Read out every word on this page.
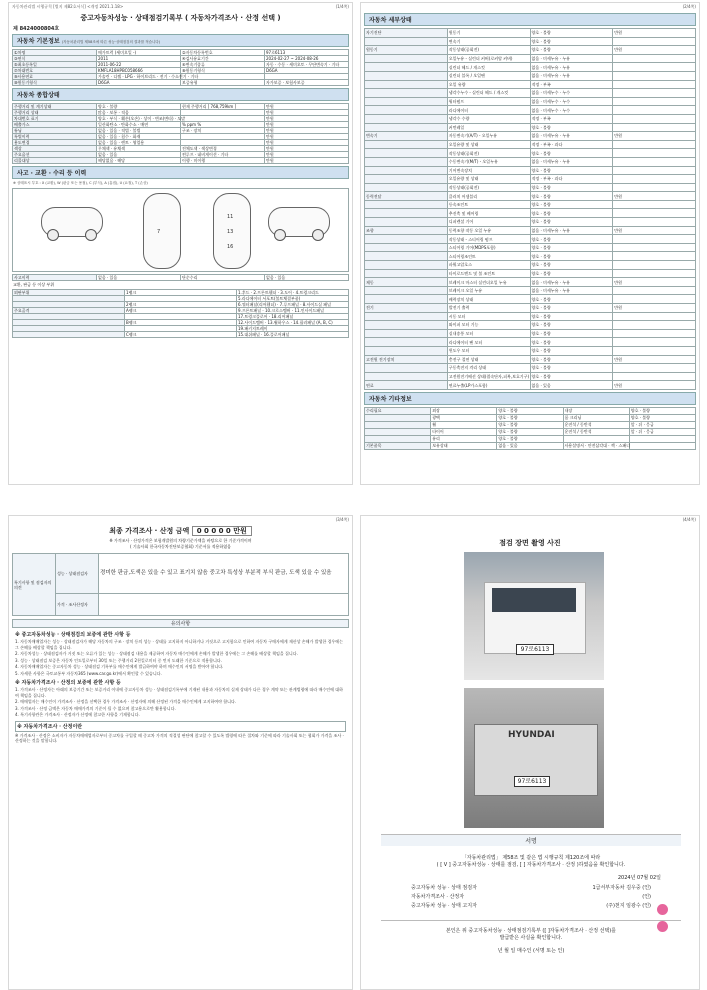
자동차관리법 시행규칙 [별지 제82호서식] <개정 2021.1.18>	(1/4쪽)
중고자동차성능 · 상태점검기록부 ( 자동차가격조사 · 산정 선택 )
제 8424000804호
자동차 기본정보 (자동차관리법 제58조에 따른 성능·상태점검의 결과를 적습니다)
①차명	메가트럭 (세미오일 -)	②자동차등록번호	97로6113
③연식	2011	④검사유효기간	2024-02-27 ~ 2024-08-26
⑤최초등록일	2011-06-22	⑥변속기종류	자동 · 수동 · 세미오토 · 무단변속기 · 기타
⑦차대번호	KMFLA18HPBC058666	⑧원동기형식	D6GA
⑨사용연료	가솔린 · 디젤 · LPG · 하이브리드 · 전기 · 수소전기 · 기타		
⑩원동기형식	D6GA	보증유형	자가보증 · 보험사보증
자동차 종합상태
주행거리 및 계기상태	양호 · 불량	현재 주행거리 [ 768,759km ]	만원
주행거리 상태	많음 · 보통 · 적음		만원
차대번호 표기	양호 · 부식 · 훼손(오손) · 상이 · 변조(변타) · 도말		만원
배출가스	일산화탄소 · 탄화수소 · 매연	% ppm %	만원
튜닝	없음 · 있음 · 적법 · 불법	구조 · 장치	만원
특별이력	없음 · 있음 · 침수 · 화재		만원
용도변경	없음 · 있음 · 렌트 · 영업용		만원
색상	무채색 · 유채색	전체도색 · 색상변경	만원
주요옵션	없음 · 있음	썬루프 · 네비게이션 · 기타	만원
리콜대상	해당없음 · 해당	이행 · 미이행	만원
사고 · 교환 · 수리 등 이력
※ 상태표시 부호 : X (교환), W (판금 또는 용접), C (부식), A (흠집), U (요철), T (손상)
7
11
13
16
사고이력	없음 · 있음	단순수리	없음 · 있음
교환, 판금 등 이상 부위
외판부위	1랭크	1.후드 · 2.프론트휀더 · 3.도어 · 4.트렁크리드
		5.라디에이터 서포트(볼트체결부품)
	2랭크	6.쿼터패널(리어휀더) · 7.루프패널 · 8.사이드실 패널
주요골격	A랭크	9.프론트패널 · 10.크로스멤버 · 11.인사이드패널
		17.트렁크플로어 · 18.리어패널
	B랭크	12.사이드멤버 · 13.휠하우스 · 14.필러패널 (A, B, C)
		19.패키지트레이
	C랭크	15.대쉬패널 · 16.플로어패널
(2/4쪽)
자동차 세부상태
자기진단	원동기	양호 · 불량	만원
	변속기	양호 · 불량	
원동기	작동상태(공회전)	양호 · 불량	만원
	오일누유 - 실린더 커버(로커암 커버)	없음 · 미세누유 · 누유	
	실린더 헤드 / 개스킷	없음 · 미세누유 · 누유	
	실린더 블록 / 오일팬	없음 · 미세누유 · 누유	
	오일 유량	적정 · 부족	
	냉각수누수 - 실린더 헤드 / 개스킷	없음 · 미세누수 · 누수	
	워터펌프	없음 · 미세누수 · 누수	
	라디에이터	없음 · 미세누수 · 누수	
	냉각수 수량	적정 · 부족	
	커먼레일	양호 · 불량	
변속기	자동변속기(A/T) - 오일누유	없음 · 미세누유 · 누유	만원
	오일유량 및 상태	적정 · 부족 · 과다	
	작동상태(공회전)	양호 · 불량	
	수동변속기(M/T) - 오일누유	없음 · 미세누유 · 누유	
	기어변속장치	양호 · 불량	
	오일유량 및 상태	적정 · 부족 · 과다	
	작동상태(공회전)	양호 · 불량	
동력전달	클러치 어셈블리	양호 · 불량	만원
	등속조인트	양호 · 불량	
	추진축 및 베어링	양호 · 불량	
	디퍼렌셜 기어	양호 · 불량	
조향	동력조향 작동 오일 누유	없음 · 미세누유 · 누유	만원
	작동상태 - 스티어링 펌프	양호 · 불량	
	스티어링 기어(MDPS포함)	양호 · 불량	
	스티어링조인트	양호 · 불량	
	파워고압호스	양호 · 불량	
	타이로드엔드 및 볼 조인트	양호 · 불량	
제동	브레이크 마스터 실린더오일 누유	없음 · 미세누유 · 누유	만원
	브레이크 오일 누유	없음 · 미세누유 · 누유	
	배력장치 상태	양호 · 불량	
전기	발전기 출력	양호 · 불량	만원
	시동 모터	양호 · 불량	
	와이퍼 모터 기능	양호 · 불량	
	실내송풍 모터	양호 · 불량	
	라디에이터 팬 모터	양호 · 불량	
	윈도우 모터	양호 · 불량	
고전원 전기장치	충전구 절연 상태	양호 · 불량	만원
	구동축전지 격리 상태	양호 · 불량	
	고전원전기배선 상태(접속단자,피복,보호기구)	양호 · 불량	
연료	연료누출(LP가스포함)	없음 · 있음	만원
자동차 기타정보
수리필요	외장	양호 · 불량	내장	양호 · 불량
	광택	양호 · 불량	룸 크리닝	양호 · 불량
	휠	양호 · 불량	운전석 / 동반석	앞 · 뒤 · 응급
	타이어	양호 · 불량	운전석 / 동반석	앞 · 뒤 · 응급
	유리	양호 · 불량		
기본품목	보유상태	없음 · 있음	사용설명서 · 안전삼각대 · 잭 · 스패너	
(3/4쪽)
최종 가격조사 · 산정 금액 0 0 0 0 0 만원
※ 가격조사 · 산정가격은 보험개발원의 차량기준가액을 바탕으로 한 기준가격이며
( 기술사회 한국자동차진단보증협회) 기준서를 적용하였음
특기사항 및 점검자의 의견	성능 · 상태점검자	경미한 판금,도색은 있을 수 있고 표기치 않음 중고차 특성상 부분적 부식 판금, 도색 있을 수 있음
	가격 · 조사산정자	
유의사항
※ 중고자동차성능 · 상태점검의 보증에 관한 사항 등

1. 자동차매매업자는 성능 · 상태점검자가 해당 자동차의 구조 · 장치 등의 성능 · 상태를 고지하지 아니하거나 거짓으로 고지함으로 인하여 자동차 구매자에게 재산상 손해가 발생한 경우에는 그 손해를 배상할 책임을 집니다.

2. 자동차성능 · 상태점검자가 거짓 또는 오류가 있는 성능 · 상태점검 내용을 제공하여 자동차 매수인에게 손해가 발생한 경우에는 그 손해를 배상할 책임을 집니다.

3. 성능 · 상태점검 보증은 자동차 인도일로부터 30일 또는 주행거리 2천킬로미터 중 먼저 도래한 기준으로 적용합니다.

4. 자동차매매업자는 중고자동차 성능 · 상태점검 기록부를 매수인에게 발급하여야 하며 매수인의 서명을 받아야 합니다.

5. 자세한 사항은 국토교통부 자동차365 (www.car.go.kr)에서 확인할 수 있습니다.

※ 자동차가격조사 · 산정의 보증에 관한 사항 등

1. 가격조사 · 산정자는 아래의 보증기간 또는 보증거리 이내에 중고자동차 성능 · 상태점검기록부에 기재된 내용과 자동차의 실제 상태가 다른 경우 계약 또는 관계법령에 따라 매수인에 대하여 책임을 집니다.

2. 매매업자는 매수인이 가격조사 · 산정을 선택한 경우 가격조사 · 산정자에 의해 산정된 가격을 매수인에게 고지하여야 합니다.

3. 가격조사 · 산정 금액은 자동차 매매가격의 기준이 될 수 없으며 참고용으로만 활용합니다.

4. 특기사항란은 가격조사 · 산정자가 산정에 참고한 사항을 기재합니다.

※ 자동차가격조사 · 산정이란
※ 가격조사 · 산정은 소비자가 자동차매매업자로부터 중고차를 구입할 때 중고차 가격의 적절성 판단에 참고할 수 있도록 법령에 따른 절차와 기준에 따라 기술사회 또는 협회가 가격을 조사 · 산정하는 것을 말합니다.
(4/4쪽)
점검 장면 촬영 사진
97로6113
HYUNDAI
97로6113
서명
「자동차관리법」 제58조 및 같은 법 시행규칙 제120조에 따라
( [ V ] 중고자동차성능 · 상태를 점검, [ ] 자동차가격조사 · 산정 )하였음을 확인합니다.
2024년 07월 02일
중고자동차 성능 · 상태 점검자	1급서부자동차 김우중 (인)
자동차가격조사 · 산정자	(인)
중고자동차 성능 · 상태 고지자	(주)천지 임광수 (인)
본인은 위 중고자동차성능 · 상태점검기록부 ([ ]자동차가격조사 · 산정 선택)를
발급받은 사실을 확인합니다.
년 월 일 매수인 (서명 또는 인)
